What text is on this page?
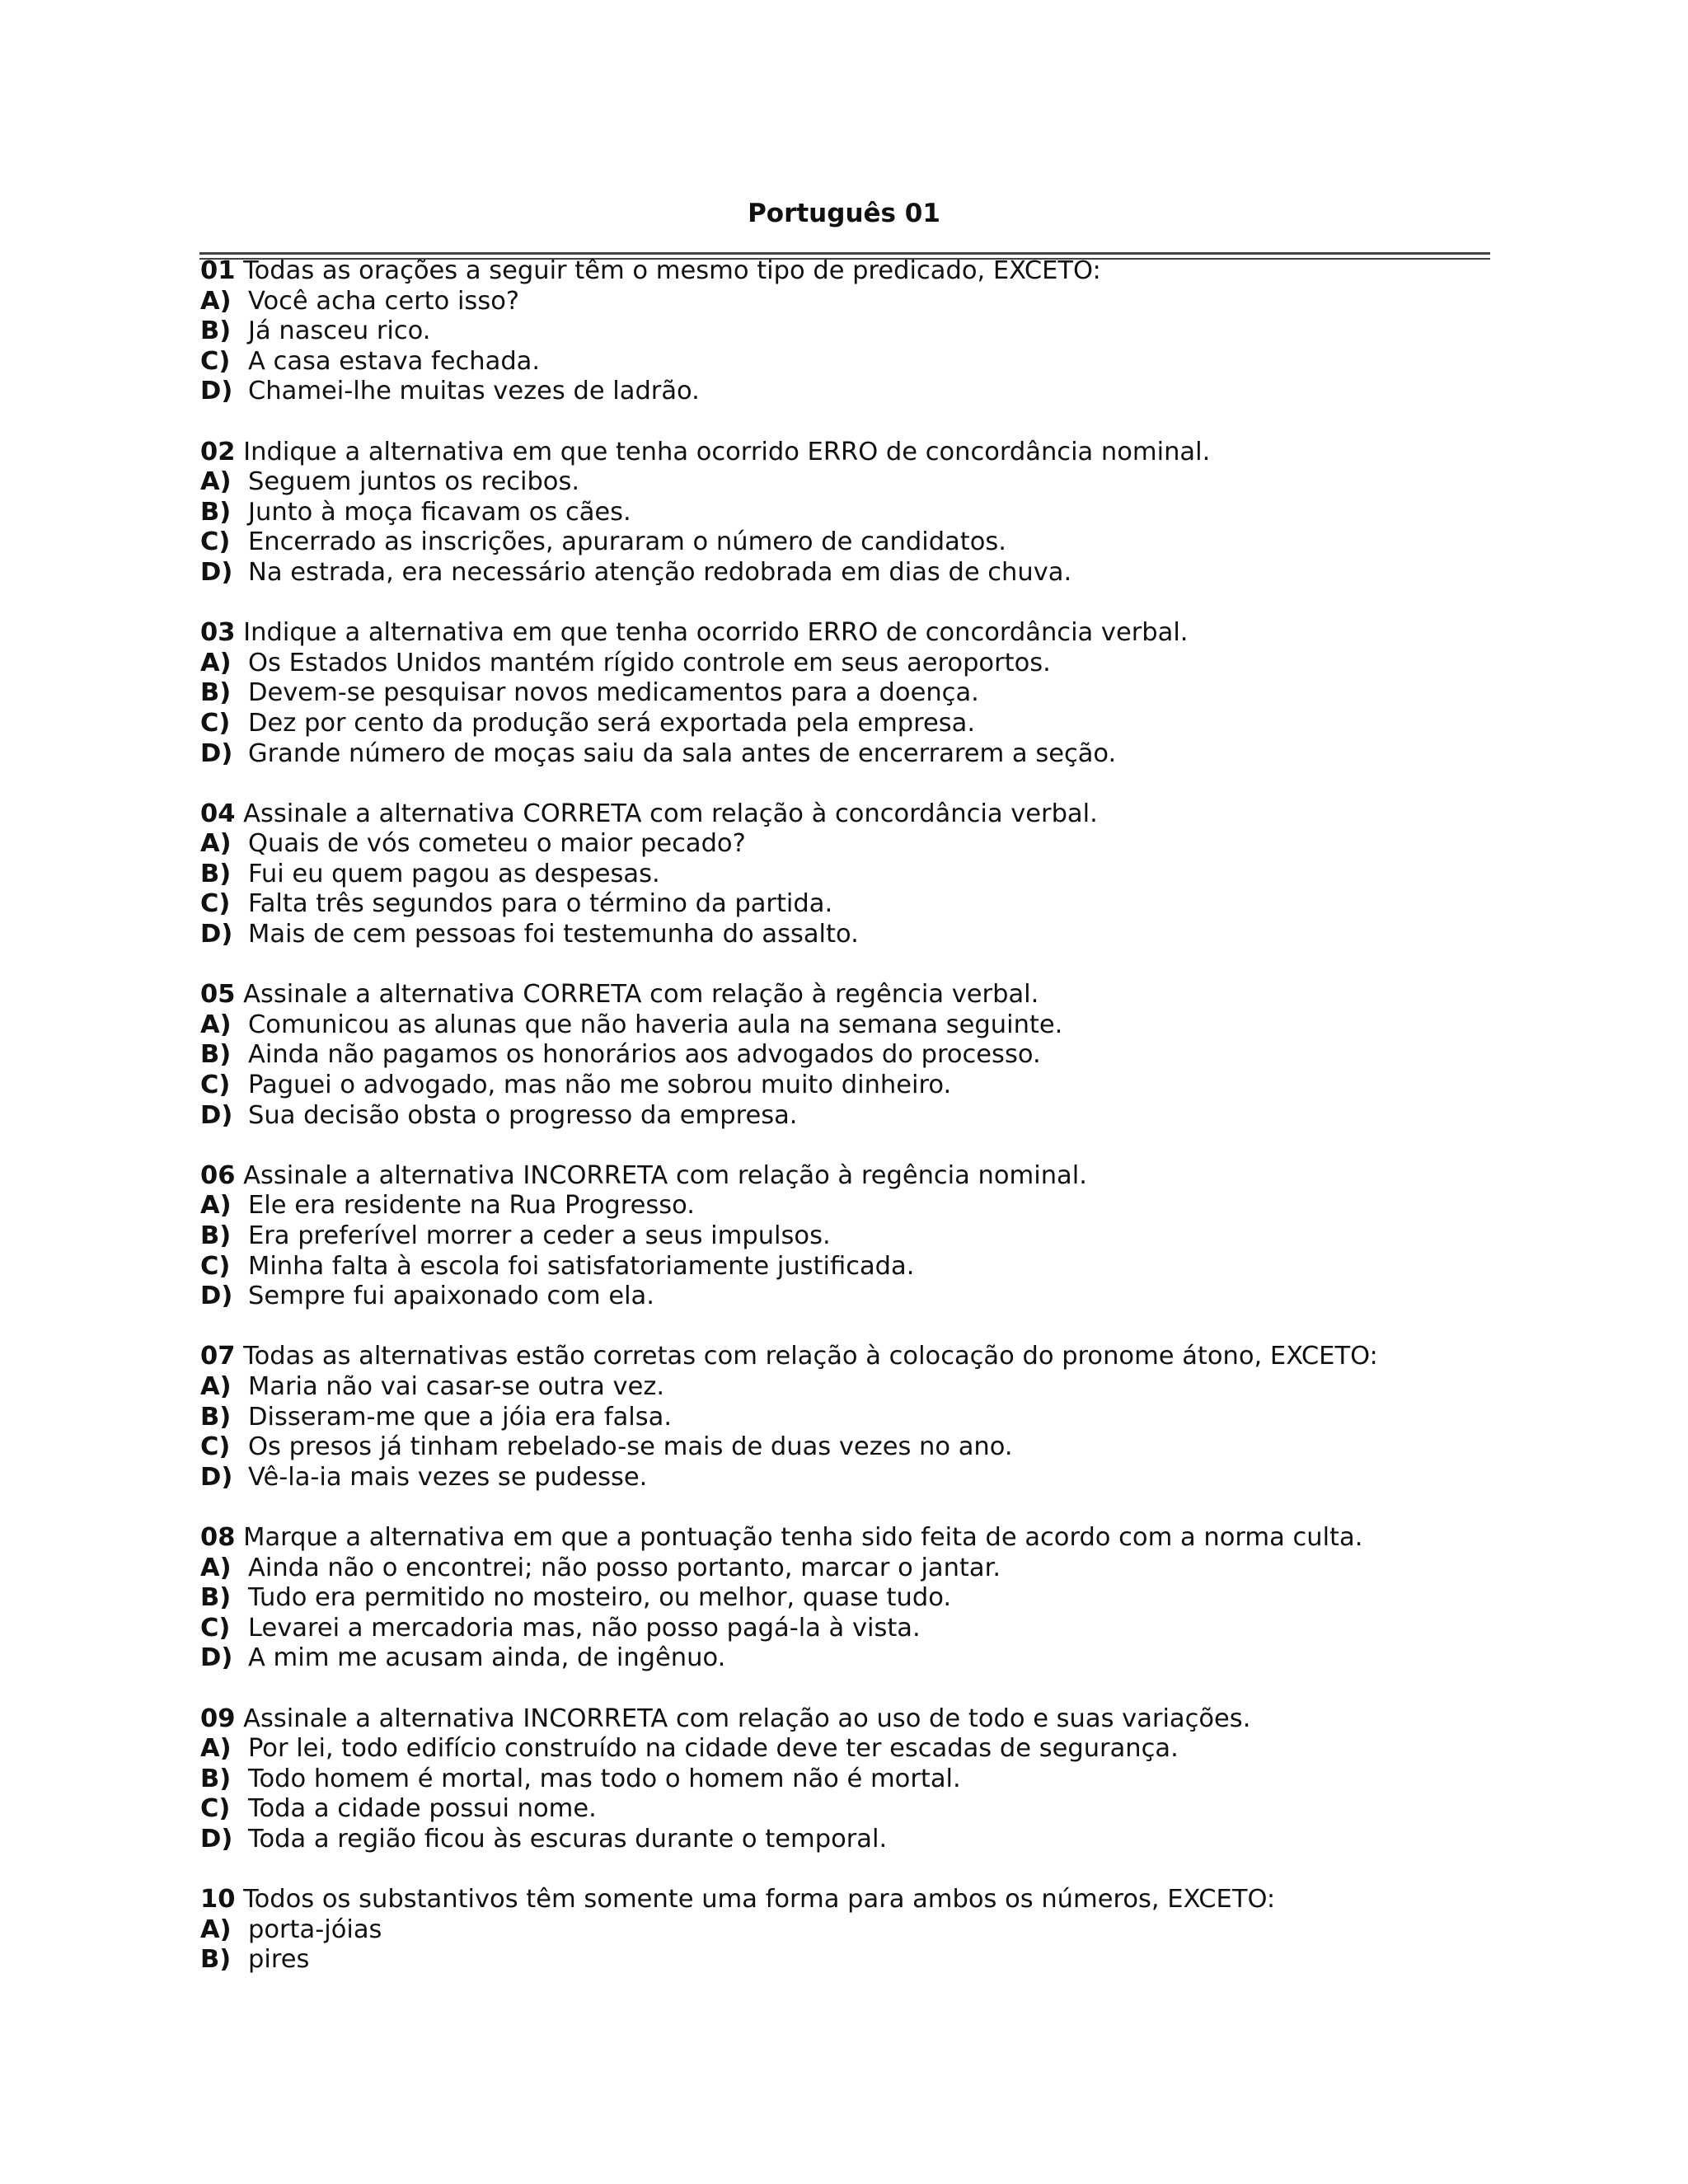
Português 01
01 Todas as orações a seguir têm o mesmo tipo de predicado, EXCETO:
A) Você acha certo isso?
B) Já nasceu rico.
C) A casa estava fechada.
D) Chamei-lhe muitas vezes de ladrão.
02 Indique a alternativa em que tenha ocorrido ERRO de concordância nominal.
A) Seguem juntos os recibos.
B) Junto à moça ficavam os cães.
C) Encerrado as inscrições, apuraram o número de candidatos.
D) Na estrada, era necessário atenção redobrada em dias de chuva.
03 Indique a alternativa em que tenha ocorrido ERRO de concordância verbal.
A) Os Estados Unidos mantém rígido controle em seus aeroportos.
B) Devem-se pesquisar novos medicamentos para a doença.
C) Dez por cento da produção será exportada pela empresa.
D) Grande número de moças saiu da sala antes de encerrarem a seção.
04 Assinale a alternativa CORRETA com relação à concordância verbal.
A) Quais de vós cometeu o maior pecado?
B) Fui eu quem pagou as despesas.
C) Falta três segundos para o término da partida.
D) Mais de cem pessoas foi testemunha do assalto.
05 Assinale a alternativa CORRETA com relação à regência verbal.
A) Comunicou as alunas que não haveria aula na semana seguinte.
B) Ainda não pagamos os honorários aos advogados do processo.
C) Paguei o advogado, mas não me sobrou muito dinheiro.
D) Sua decisão obsta o progresso da empresa.
06 Assinale a alternativa INCORRETA com relação à regência nominal.
A) Ele era residente na Rua Progresso.
B) Era preferível morrer a ceder a seus impulsos.
C) Minha falta à escola foi satisfatoriamente justificada.
D) Sempre fui apaixonado com ela.
07 Todas as alternativas estão corretas com relação à colocação do pronome átono, EXCETO:
A) Maria não vai casar-se outra vez.
B) Disseram-me que a jóia era falsa.
C) Os presos já tinham rebelado-se mais de duas vezes no ano.
D) Vê-la-ia mais vezes se pudesse.
08 Marque a alternativa em que a pontuação tenha sido feita de acordo com a norma culta.
A) Ainda não o encontrei; não posso portanto, marcar o jantar.
B) Tudo era permitido no mosteiro, ou melhor, quase tudo.
C) Levarei a mercadoria mas, não posso pagá-la à vista.
D) A mim me acusam ainda, de ingênuo.
09 Assinale a alternativa INCORRETA com relação ao uso de todo e suas variações.
A) Por lei, todo edifício construído na cidade deve ter escadas de segurança.
B) Todo homem é mortal, mas todo o homem não é mortal.
C) Toda a cidade possui nome.
D) Toda a região ficou às escuras durante o temporal.
10 Todos os substantivos têm somente uma forma para ambos os números, EXCETO:
A) porta-jóias
B) pires
